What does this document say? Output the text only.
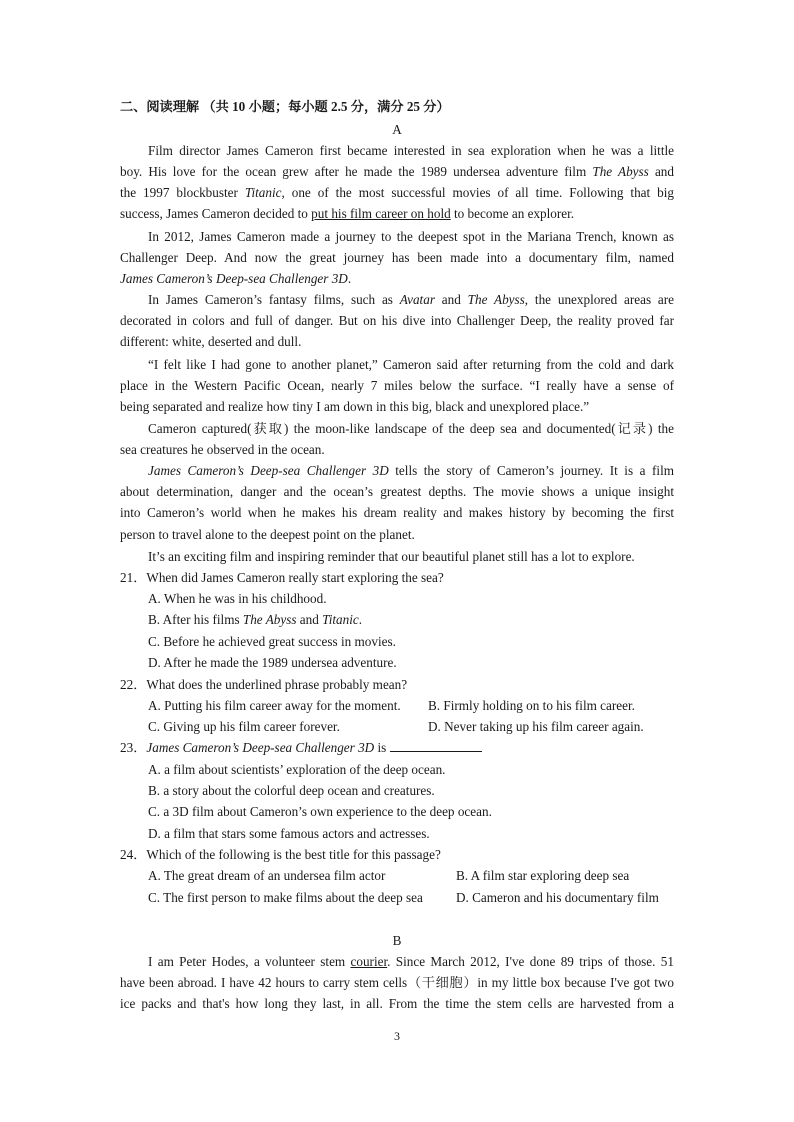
二、阅读理解 （共 10 小题；每小题 2.5 分，满分 25 分）
A
Film director James Cameron first became interested in sea exploration when he was a little
boy. His love for the ocean grew after he made the 1989 undersea adventure film The Abyss and
the 1997 blockbuster Titanic, one of the most successful movies of all time. Following that big
success, James Cameron decided to put his film career on hold to become an explorer.
In 2012, James Cameron made a journey to the deepest spot in the Mariana Trench, known as
Challenger Deep. And now the great journey has been made into a documentary film, named
James Cameron’s Deep-sea Challenger 3D.
In James Cameron’s fantasy films, such as Avatar and The Abyss, the unexplored areas are
decorated in colors and full of danger. But on his dive into Challenger Deep, the reality proved far
different: white, deserted and dull.
“I felt like I had gone to another planet,” Cameron said after returning from the cold and dark
place in the Western Pacific Ocean, nearly 7 miles below the surface. “I really have a sense of
being separated and realize how tiny I am down in this big, black and unexplored place.”
Cameron captured(获取) the moon-like landscape of the deep sea and documented(记录) the
sea creatures he observed in the ocean.
James Cameron’s Deep-sea Challenger 3D tells the story of Cameron’s journey. It is a film
about determination, danger and the ocean’s greatest depths. The movie shows a unique insight
into Cameron’s world when he makes his dream reality and makes history by becoming the first
person to travel alone to the deepest point on the planet.
It’s an exciting film and inspiring reminder that our beautiful planet still has a lot to explore.
21．When did James Cameron really start exploring the sea?
A. When he was in his childhood.
B. After his films The Abyss and Titanic.
C. Before he achieved great success in movies.
D. After he made the 1989 undersea adventure.
22．What does the underlined phrase probably mean?
A. Putting his film career away for the moment. B. Firmly holding on to his film career.
C. Giving up his film career forever.	D. Never taking up his film career again.
23．James Cameron’s Deep-sea Challenger 3D is
A. a film about scientists’ exploration of the deep ocean.
B. a story about the colorful deep ocean and creatures.
C. a 3D film about Cameron’s own experience to the deep ocean.
D. a film that stars some famous actors and actresses.
24．Which of the following is the best title for this passage?
A. The great dream of an undersea film actor	B. A film star exploring deep sea
C. The first person to make films about the deep sea	D. Cameron and his documentary film
B
I am Peter Hodes, a volunteer stem courier. Since March 2012, I've done 89 trips of those. 51
have been abroad. I have 42 hours to carry stem cells（干细胞）in my little box because I've got two
ice packs and that's how long they last, in all. From the time the stem cells are harvested from a
3
